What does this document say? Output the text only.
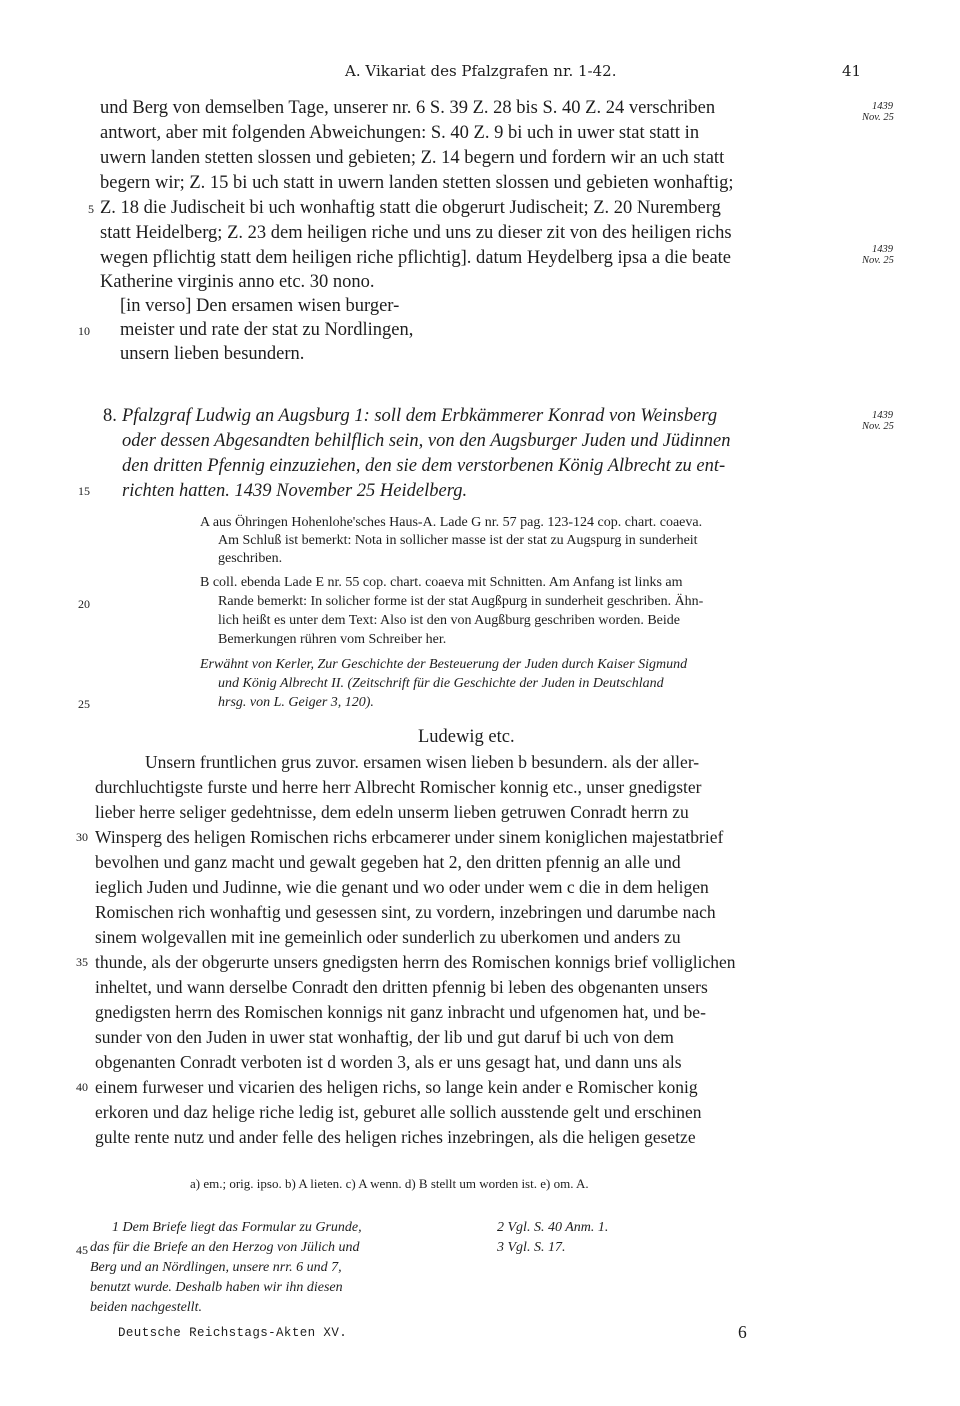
A. Vikariat des Pfalzgrafen nr. 1-42.	41
und Berg von demselben Tage, unserer nr. 6 S. 39 Z. 28 bis S. 40 Z. 24 verschriben
antwort, aber mit folgenden Abweichungen: S. 40 Z. 9 bi uch in uwer stat statt in
uwern landen stetten slossen und gebieten; Z. 14 begern und fordern wir an uch statt
begern wir; Z. 15 bi uch statt in uwern landen stetten slossen und gebieten wonhaftig;
Z. 18 die Judischeit bi uch wonhaftig statt die obgerurt Judischeit; Z. 20 Nuremberg
statt Heidelberg; Z. 23 dem heiligen riche und uns zu dieser zit von des heiligen richs
wegen pflichtig statt dem heiligen riche pflichtig]. datum Heydelberg ipsa a die beate
Katherine virginis anno etc. 30 nono.
[in verso] Den ersamen wisen burger-
meister und rate der stat zu Nordlingen,
unsern lieben besundern.
8. Pfalzgraf Ludwig an Augsburg 1: soll dem Erbkämmerer Konrad von Weinsberg
oder dessen Abgesandten behilflich sein, von den Augsburger Juden und Jüdinnen
den dritten Pfennig einzuziehen, den sie dem verstorbenen König Albrecht zu ent-
richten hatten. 1439 November 25 Heidelberg.
A aus Öhringen Hohenlohe'sches Haus-A. Lade G nr. 57 pag. 123-124 cop. chart. coaeva.
Am Schluß ist bemerkt: Nota in sollicher masse ist der stat zu Augspurg in sunderheit
geschriben.
B coll. ebenda Lade E nr. 55 cop. chart. coaeva mit Schnitten. Am Anfang ist links am
Rande bemerkt: In solicher forme ist der stat Augßpurg in sunderheit geschriben. Ähn-
lich heißt es unter dem Text: Also ist den von Augßburg geschriben worden. Beide
Bemerkungen rühren vom Schreiber her.
Erwähnt von Kerler, Zur Geschichte der Besteuerung der Juden durch Kaiser Sigmund
und König Albrecht II. (Zeitschrift für die Geschichte der Juden in Deutschland
hrsg. von L. Geiger 3, 120).
Ludewig etc.
Unsern fruntlichen grus zuvor. ersamen wisen lieben b besundern. als der aller-
durchluchtigste furste und herre herr Albrecht Romischer konnig etc., unser gnedigster
lieber herre seliger gedehtnisse, dem edeln unserm lieben getruwen Conradt herrn zu
Winsperg des heligen Romischen richs erbcamerer under sinem koniglichen majestatbrief
bevolhen und ganz macht und gewalt gegeben hat 2, den dritten pfennig an alle und
ieglich Juden und Judinne, wie die genant und wo oder under wem c die in dem heligen
Romischen rich wonhaftig und gesessen sint, zu vordern, inzebringen und darumbe nach
sinem wolgevallen mit ine gemeinlich oder sunderlich zu uberkomen und anders zu
thunde, als der obgerurte unsers gnedigsten herrn des Romischen konnigs brief volliglichen
inheltet, und wann derselbe Conradt den dritten pfennig bi leben des obgenanten unsers
gnedigsten herrn des Romischen konnigs nit ganz inbracht und ufgenomen hat, und be-
sunder von den Juden in uwer stat wonhaftig, der lib und gut daruf bi uch von dem
obgenanten Conradt verboten ist d worden 3, als er uns gesagt hat, und dann uns als
einem furweser und vicarien des heligen richs, so lange kein ander e Romischer konig
erkoren und daz helige riche ledig ist, geburet alle sollich ausstende gelt und erschinen
gulte rente nutz und ander felle des heligen riches inzebringen, als die heligen gesetze
a) em.; orig. ipso. b) A lieten. c) A wenn. d) B stellt um worden ist. e) om. A.
1 Dem Briefe liegt das Formular zu Grunde,
das für die Briefe an den Herzog von Jülich und
Berg und an Nördlingen, unsere nrr. 6 und 7,
benutzt wurde. Deshalb haben wir ihn diesen
beiden nachgestellt.
2 Vgl. S. 40 Anm. 1.
3 Vgl. S. 17.
Deutsche Reichstags-Akten XV.	6
5
10
15
20
25
30
35
40
45
1439
Nov. 25
1439
Nov. 25
1439
Nov. 25
